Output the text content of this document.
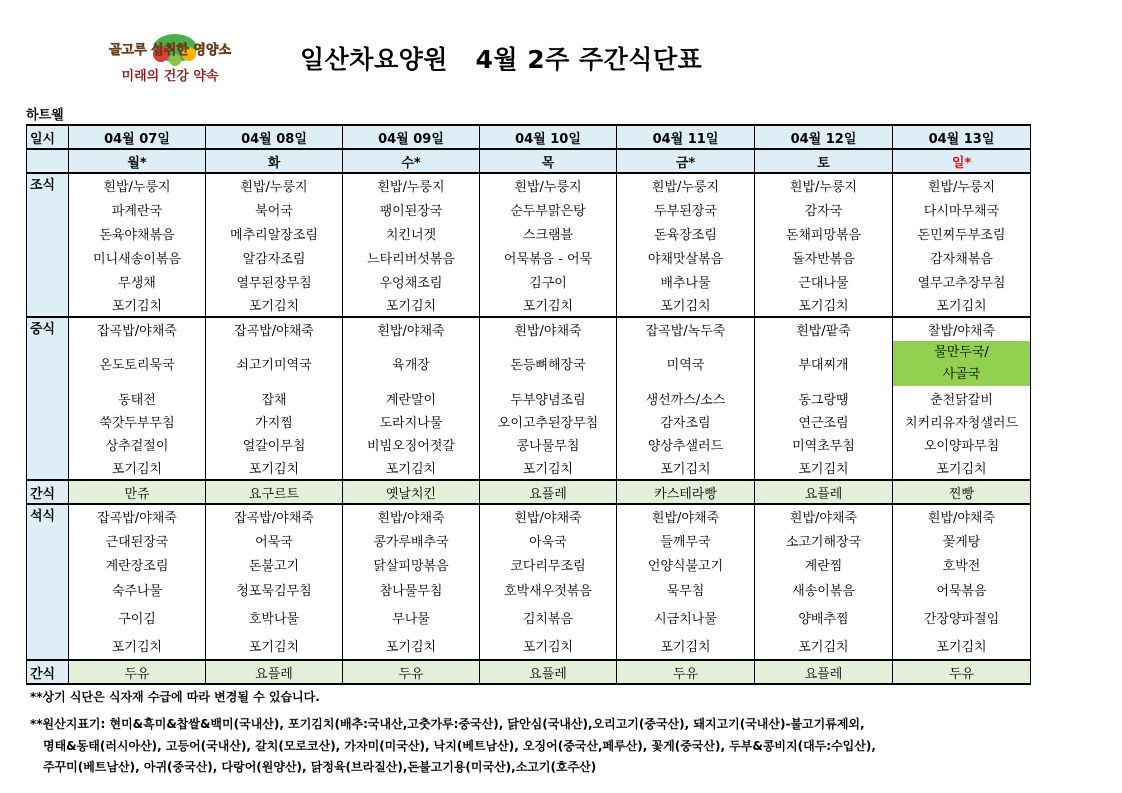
골고루 섭취한 영양소
미래의 건강 약속
일산차요양원   4월 2주 주간식단표
하트웰
일시	04월 07일	04월 08일	04월 09일	04월 10일	04월 11일	04월 12일	04월 13일
	월*	화	수*	목	금*	토	일*
조식	흰밥/누룽지	흰밥/누룽지	흰밥/누룽지	흰밥/누룽지	흰밥/누룽지	흰밥/누룽지	흰밥/누룽지
	파계란국	북어국	팽이된장국	순두부맑은탕	두부된장국	감자국	다시마무채국
	돈육야채볶음	메추리알장조림	치킨너겟	스크램블	돈육장조림	돈채피망볶음	돈민찌두부조림
	미니새송이볶음	알감자조림	느타리버섯볶음	어묵볶음 - 어묵	야채맛살볶음	돌자반볶음	감자채볶음
	무생채	열무된장무침	우엉채조림	김구이	배추나물	근대나물	열무고추장무침
	포기김치	포기김치	포기김치	포기김치	포기김치	포기김치	포기김치
중식	잡곡밥/야채죽	잡곡밥/야채죽	흰밥/야채죽	흰밥/야채죽	잡곡밥/녹두죽	흰밥/팥죽	찰밥/야채죽
	온도토리묵국	쇠고기미역국	육개장	돈등뼈해장국	미역국	부대찌개	물만두국/
사골국
	동태전	잡채	계란말이	두부양념조림	생선까스/소스	동그랑땡	춘천닭갈비
	쑥갓두부무침	가지찜	도라지나물	오이고추된장무침	감자조림	연근조림	치커리유자청샐러드
	상추겉절이	얼갈이무침	비빔오징어젓갈	콩나물무침	양상추샐러드	미역초무침	오이양파무침
	포기김치	포기김치	포기김치	포기김치	포기김치	포기김치	포기김치
간식	만쥬	요구르트	옛날치킨	요플레	카스테라빵	요플레	찐빵
석식	잡곡밥/야채죽	잡곡밥/야채죽	흰밥/야채죽	흰밥/야채죽	흰밥/야채죽	흰밥/야채죽	흰밥/야채죽
	근대된장국	어묵국	콩가루배추국	아욱국	들깨무국	소고기해장국	꽃게탕
	계란장조림	돈불고기	닭살피망볶음	코다리무조림	언양식불고기	계란찜	호박전
	숙주나물	청포묵김무침	참나물무침	호박새우젓볶음	묵무침	새송이볶음	어묵볶음
	구이김	호박나물	무나물	김치볶음	시금치나물	양배추찜	간장양파절임
	포기김치	포기김치	포기김치	포기김치	포기김치	포기김치	포기김치
간식	두유	요플레	두유	요플레	두유	요플레	두유
**상기 식단은 식자재 수급에 따라 변경될 수 있습니다.
**원산지표기: 현미&흑미&찹쌀&백미(국내산), 포기김치(배추:국내산,고춧가루:중국산), 닭안심(국내산),오리고기(중국산), 돼지고기(국내산)-불고기류제외,
명태&동태(러시아산), 고등어(국내산), 갈치(모로코산), 가자미(미국산), 낙지(베트남산), 오징어(중국산,페루산), 꽃게(중국산), 두부&콩비지(대두:수입산),
주꾸미(베트남산), 아귀(중국산), 다랑어(원양산), 닭정육(브라질산),돈불고기용(미국산),소고기(호주산)
